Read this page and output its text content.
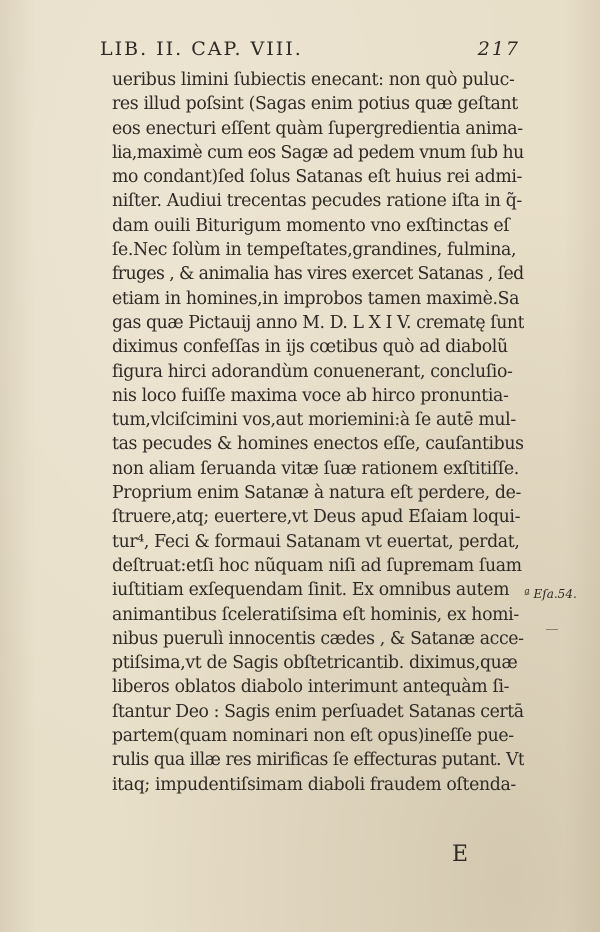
LIB. II. CAP. VIII.	217
ueribus limini ſubiectis enecant: non quò puluc-
res illud poſsint (Sagas enim potius quæ geſtant
eos enecturi eſſent quàm ſupergredientia anima-
lia,maximè cum eos Sagæ ad pedem vnum ſub hu
mo condant)ſed ſolus Satanas eſt huius rei admi-
niſter. Audiui trecentas pecudes ratione iſta in q̃-
dam ouili Biturigum momento vno exſtinctas eſ
ſe.Nec ſolùm in tempeſtates,grandines, fulmina,
fruges , & animalia has vires exercet Satanas , ſed
etiam in homines,in improbos tamen maximè.Sa
gas quæ Pictauij anno M. D. L X I V. crematę ſunt
diximus confeſſas in ijs cœtibus quò ad diabolũ
figura hirci adorandùm conuenerant, concluſio-
nis loco fuiſſe maxima voce ab hirco pronuntia-
tum,vlciſcimini vos,aut moriemini:à ſe autē mul-
tas pecudes & homines enectos eſſe, cauſantibus
non aliam ſeruanda vitæ ſuæ rationem exſtitiſſe.
Proprium enim Satanæ à natura eſt perdere, de-
ſtruere,atq; euertere,vt Deus apud Eſaiam loqui-
tur⁴, Feci & formaui Satanam vt euertat, perdat,
deſtruat:etſi hoc nũquam niſi ad ſupremam ſuam
iuſtitiam exſequendam ſinit. Ex omnibus autem
animantibus ſceleratiſsima eſt hominis, ex homi-
nibus puerulì innocentis cædes , & Satanæ acce-
ptiſsima,vt de Sagis obſtetricantib. diximus,quæ
liberos oblatos diabolo interimunt antequàm ſi-
ſtantur Deo : Sagis enim perſuadet Satanas certā
partem(quam nominari non eſt opus)ineſſe pue-
rulis qua illæ res mirificas ſe effecturas putant. Vt
itaq; impudentiſsimam diaboli fraudem oſtenda-
ª Eſa.54.
E
